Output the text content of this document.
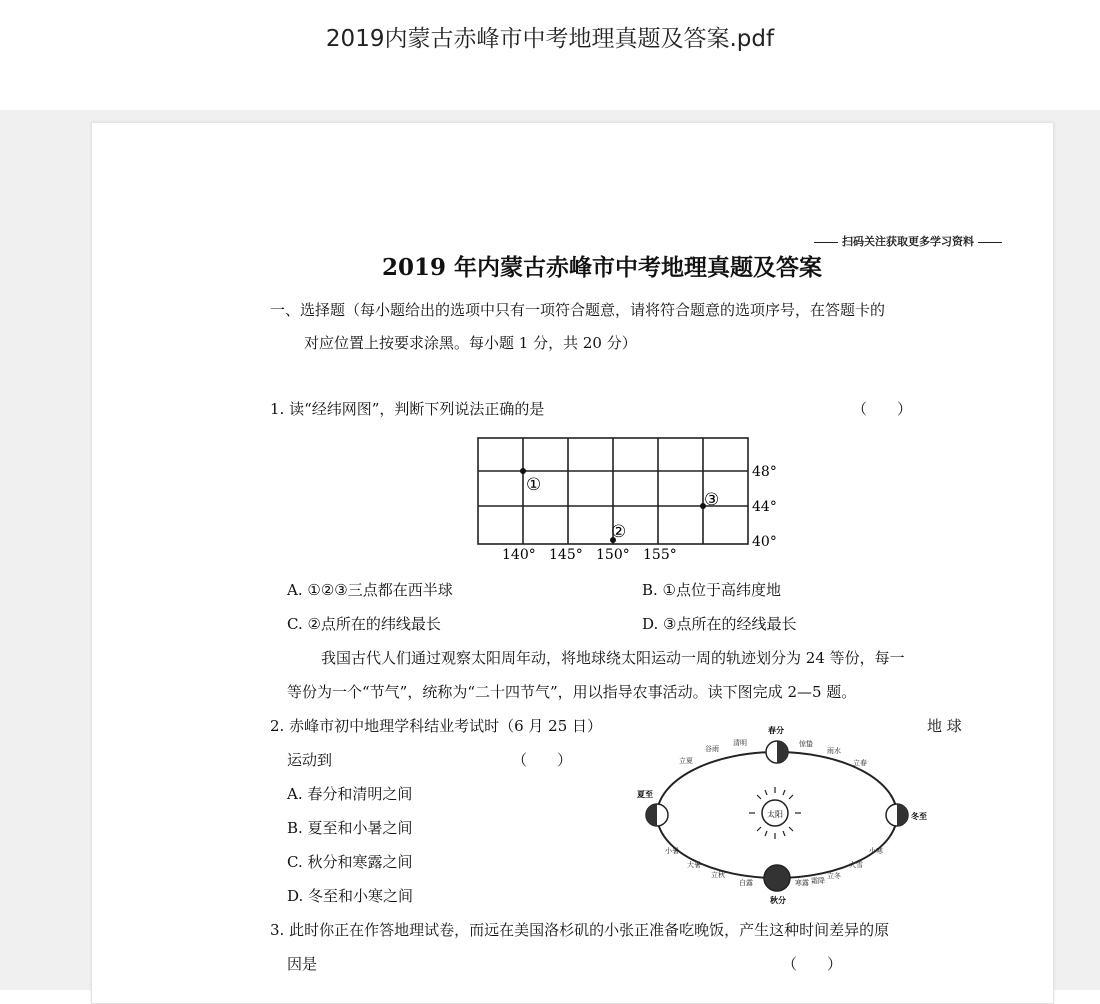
2019内蒙古赤峰市中考地理真题及答案.pdf
扫码关注获取更多学习资料
2019 年内蒙古赤峰市中考地理真题及答案
一、选择题（每小题给出的选项中只有一项符合题意，请将符合题意的选项序号，在答题卡的
对应位置上按要求涂黑。每小题 1 分，共 20 分）
1. 读“经纬网图”，判断下列说法正确的是	（　　）
①
②
③
48°
44°
40°
140° 145° 150° 155°
A. ①②③三点都在西半球	B. ①点位于高纬度地
C. ②点所在的纬线最长	D. ③点所在的经线最长
我国古代人们通过观察太阳周年动，将地球绕太阳运动一周的轨迹划分为 24 等份，每一
等份为一个“节气”，统称为“二十四节气”，用以指导农事活动。读下图完成 2—5 题。
2. 赤峰市初中地理学科结业考试时（6 月 25 日）	地 球
运动到	（　　）
A. 春分和清明之间
B. 夏至和小暑之间
C. 秋分和寒露之间
D. 冬至和小寒之间
太阳
春分
夏至
冬至
秋分
立夏
谷雨
清明	惊蛰
雨水
立春
小暑
大暑
立秋
小寒
大雪
立冬
白露	寒露 霜降
3. 此时你正在作答地理试卷，而远在美国洛杉矶的小张正准备吃晚饭，产生这种时间差异的原
因是	（　　）
